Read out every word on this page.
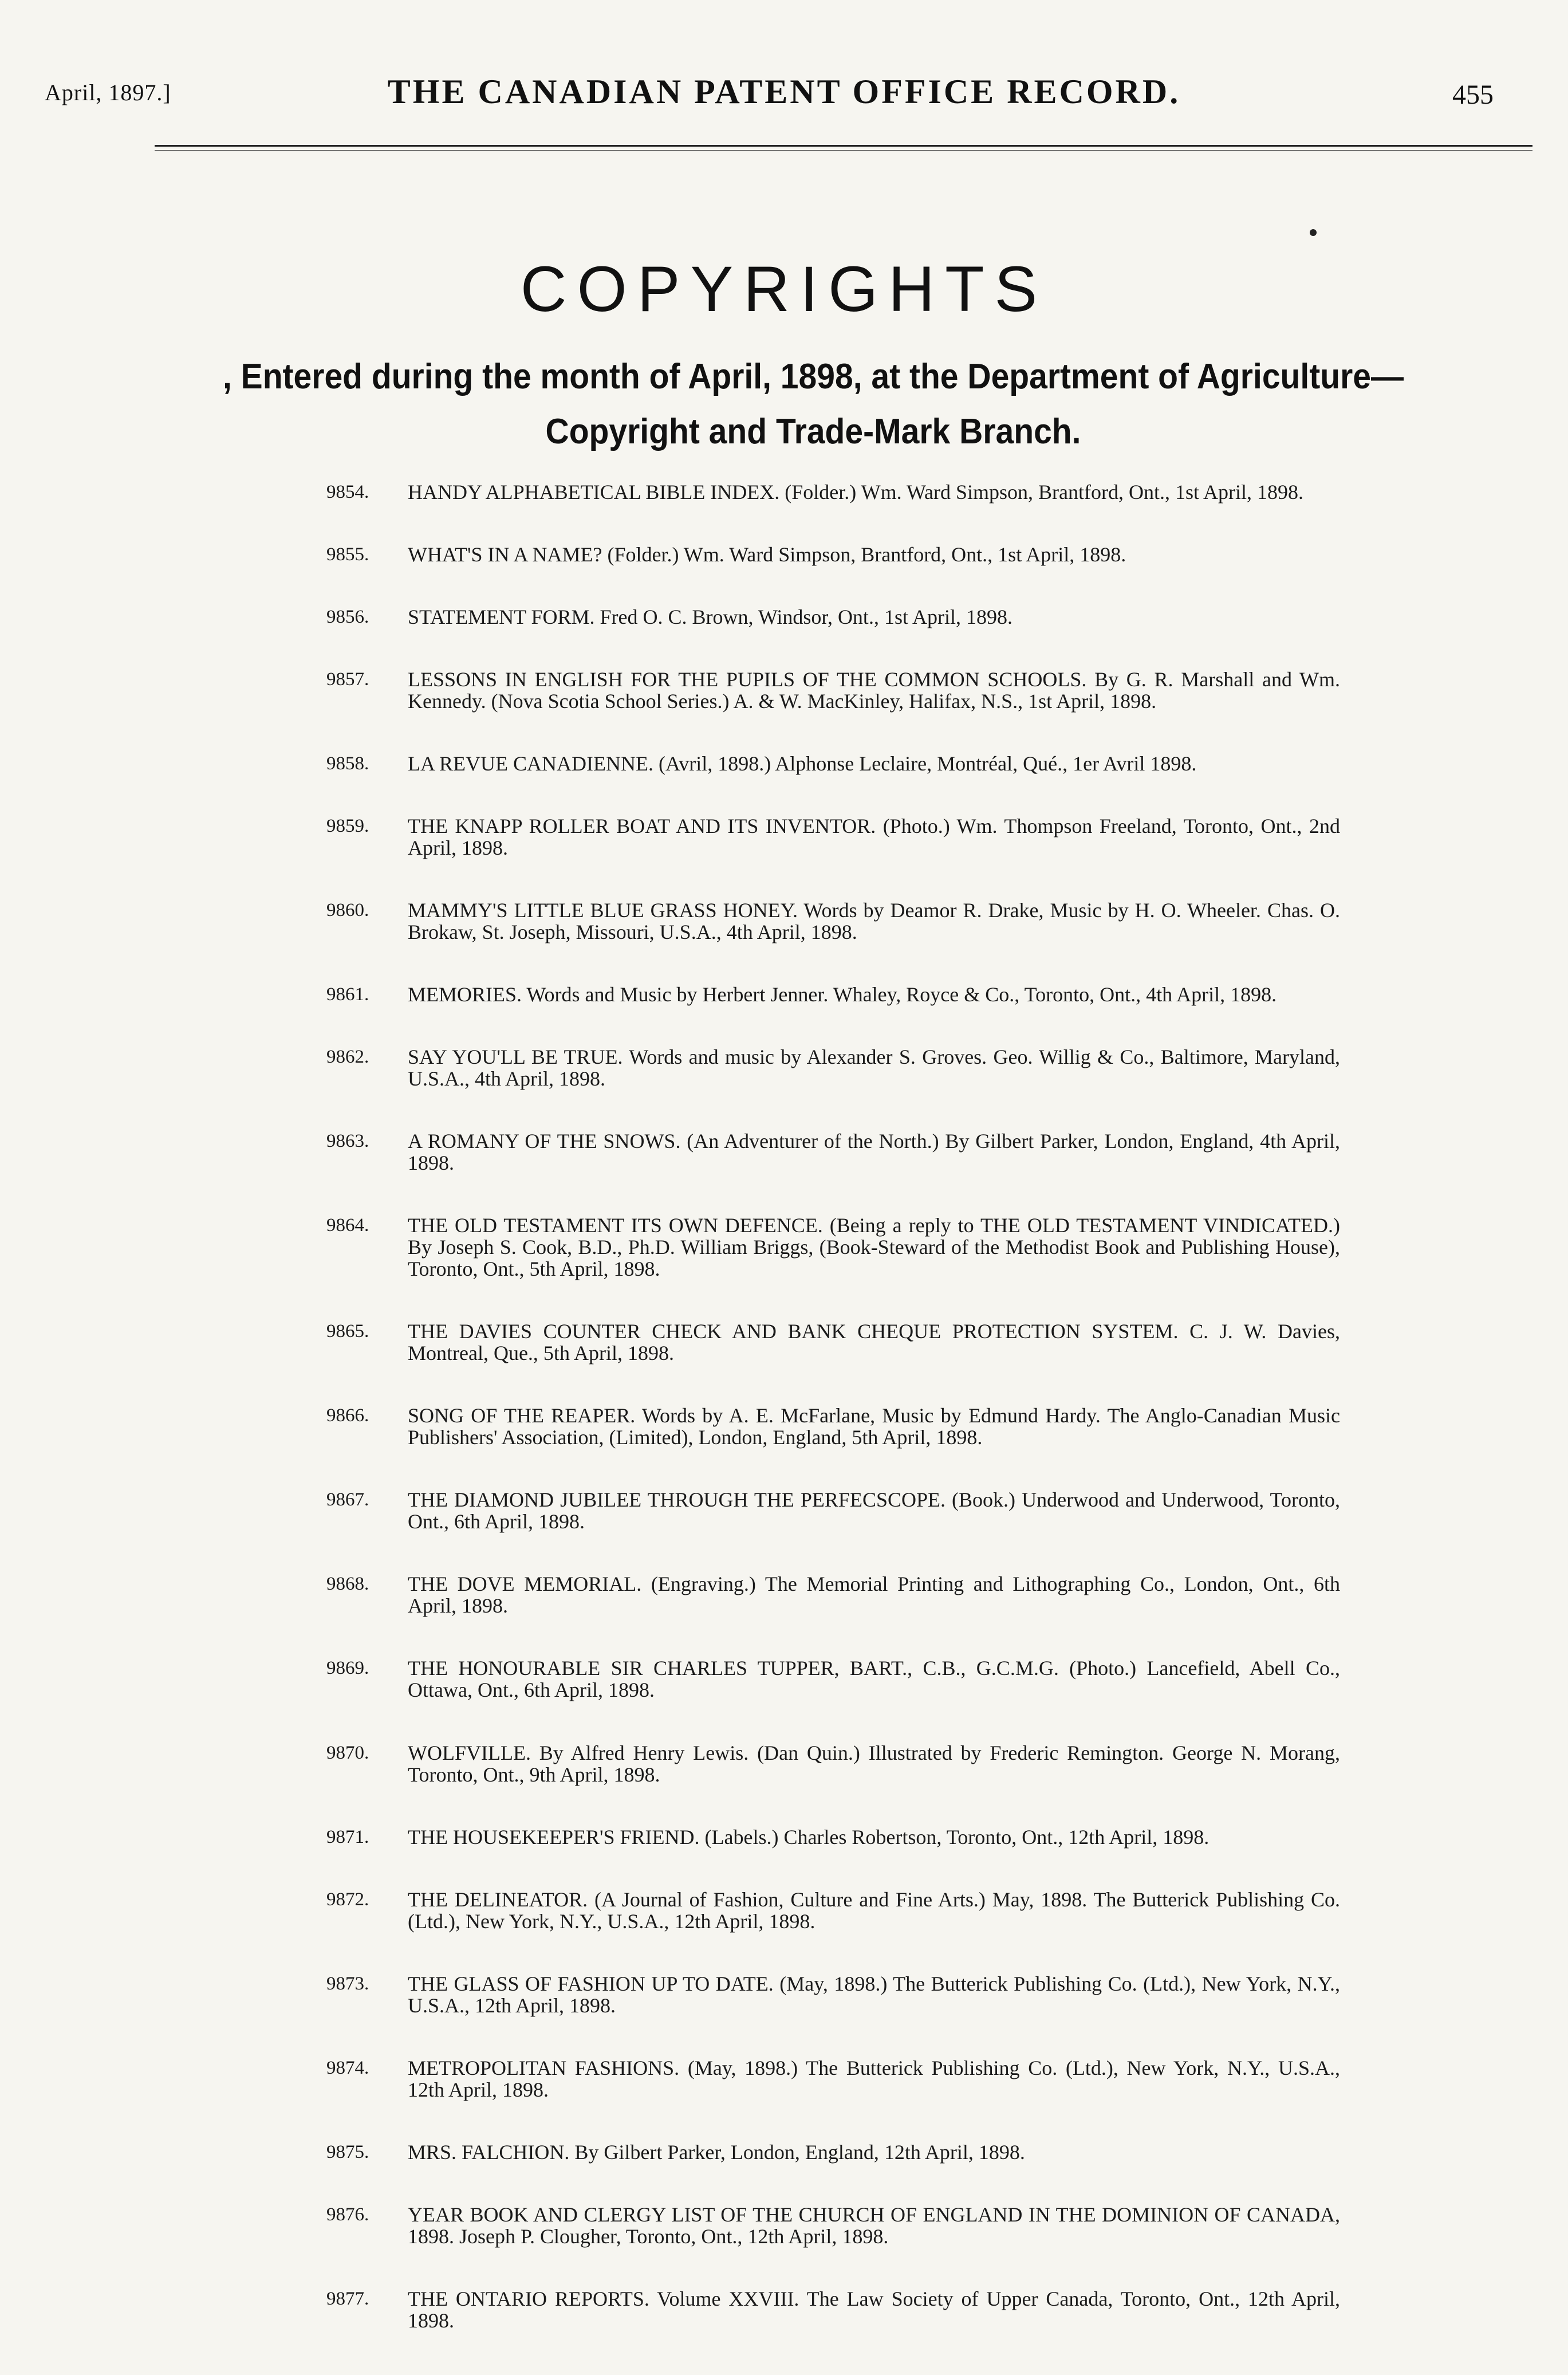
April, 1897.]	THE CANADIAN PATENT OFFICE RECORD.	455
COPYRIGHTS
, Entered during the month of April, 1898, at the Department of Agriculture—
Copyright and Trade-Mark Branch.
9854. HANDY ALPHABETICAL BIBLE INDEX. (Folder.) Wm. Ward Simpson, Brantford, Ont., 1st April, 1898.
9855. WHAT'S IN A NAME? (Folder.) Wm. Ward Simpson, Brantford, Ont., 1st April, 1898.
9856. STATEMENT FORM. Fred O. C. Brown, Windsor, Ont., 1st April, 1898.
9857. LESSONS IN ENGLISH FOR THE PUPILS OF THE COMMON SCHOOLS. By G. R. Marshall and Wm. Kennedy. (Nova Scotia School Series.) A. & W. MacKinley, Halifax, N.S., 1st April, 1898.
9858. LA REVUE CANADIENNE. (Avril, 1898.) Alphonse Leclaire, Montréal, Qué., 1er Avril 1898.
9859. THE KNAPP ROLLER BOAT AND ITS INVENTOR. (Photo.) Wm. Thompson Freeland, Toronto, Ont., 2nd April, 1898.
9860. MAMMY'S LITTLE BLUE GRASS HONEY. Words by Deamor R. Drake, Music by H. O. Wheeler. Chas. O. Brokaw, St. Joseph, Missouri, U.S.A., 4th April, 1898.
9861. MEMORIES. Words and Music by Herbert Jenner. Whaley, Royce & Co., Toronto, Ont., 4th April, 1898.
9862. SAY YOU'LL BE TRUE. Words and music by Alexander S. Groves. Geo. Willig & Co., Baltimore, Maryland, U.S.A., 4th April, 1898.
9863. A ROMANY OF THE SNOWS. (An Adventurer of the North.) By Gilbert Parker, London, England, 4th April, 1898.
9864. THE OLD TESTAMENT ITS OWN DEFENCE. (Being a reply to THE OLD TESTAMENT VINDICATED.) By Joseph S. Cook, B.D., Ph.D. William Briggs, (Book-Steward of the Methodist Book and Publishing House), Toronto, Ont., 5th April, 1898.
9865. THE DAVIES COUNTER CHECK AND BANK CHEQUE PROTECTION SYSTEM. C. J. W. Davies, Montreal, Que., 5th April, 1898.
9866. SONG OF THE REAPER. Words by A. E. McFarlane, Music by Edmund Hardy. The Anglo-Canadian Music Publishers' Association, (Limited), London, England, 5th April, 1898.
9867. THE DIAMOND JUBILEE THROUGH THE PERFECSCOPE. (Book.) Underwood and Underwood, Toronto, Ont., 6th April, 1898.
9868. THE DOVE MEMORIAL. (Engraving.) The Memorial Printing and Lithographing Co., London, Ont., 6th April, 1898.
9869. THE HONOURABLE SIR CHARLES TUPPER, BART., C.B., G.C.M.G. (Photo.) Lancefield, Abell Co., Ottawa, Ont., 6th April, 1898.
9870. WOLFVILLE. By Alfred Henry Lewis. (Dan Quin.) Illustrated by Frederic Remington. George N. Morang, Toronto, Ont., 9th April, 1898.
9871. THE HOUSEKEEPER'S FRIEND. (Labels.) Charles Robertson, Toronto, Ont., 12th April, 1898.
9872. THE DELINEATOR. (A Journal of Fashion, Culture and Fine Arts.) May, 1898. The Butterick Publishing Co. (Ltd.), New York, N.Y., U.S.A., 12th April, 1898.
9873. THE GLASS OF FASHION UP TO DATE. (May, 1898.) The Butterick Publishing Co. (Ltd.), New York, N.Y., U.S.A., 12th April, 1898.
9874. METROPOLITAN FASHIONS. (May, 1898.) The Butterick Publishing Co. (Ltd.), New York, N.Y., U.S.A., 12th April, 1898.
9875. MRS. FALCHION. By Gilbert Parker, London, England, 12th April, 1898.
9876. YEAR BOOK AND CLERGY LIST OF THE CHURCH OF ENGLAND IN THE DOMINION OF CANADA, 1898. Joseph P. Clougher, Toronto, Ont., 12th April, 1898.
9877. THE ONTARIO REPORTS. Volume XXVIII. The Law Society of Upper Canada, Toronto, Ont., 12th April, 1898.
